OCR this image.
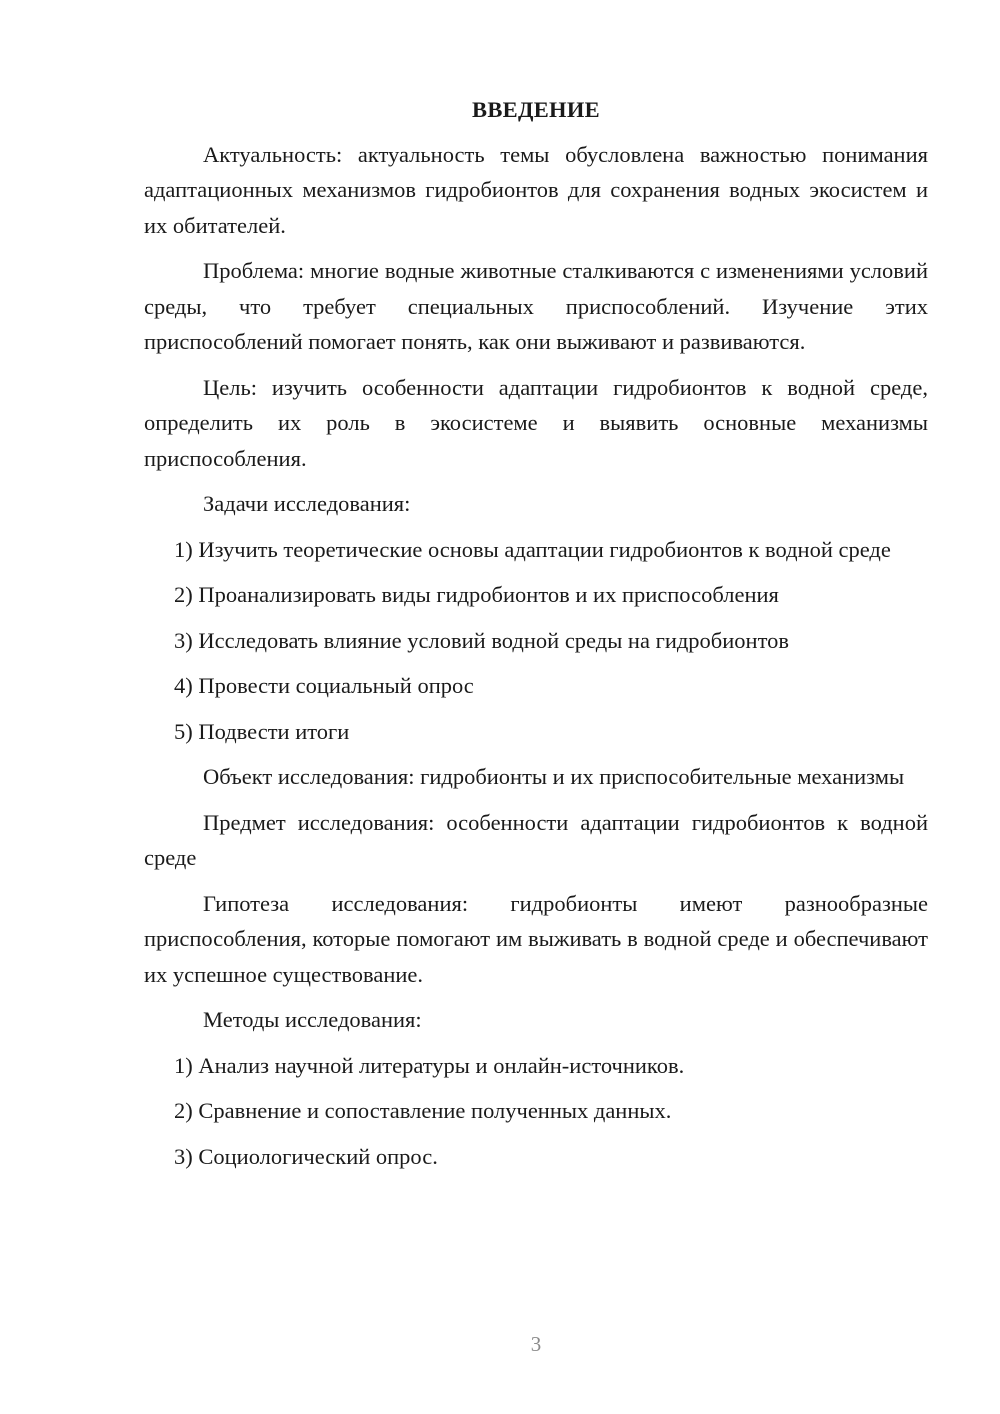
ВВЕДЕНИЕ

Актуальность: актуальность темы обусловлена важностью понимания адаптационных механизмов гидробионтов для сохранения водных экосистем и их обитателей.

Проблема: многие водные животные сталкиваются с изменениями условий среды, что требует специальных приспособлений. Изучение этих приспособлений помогает понять, как они выживают и развиваются.

Цель: изучить особенности адаптации гидробионтов к водной среде, определить их роль в экосистеме и выявить основные механизмы приспособления.

Задачи исследования:

1) Изучить теоретические основы адаптации гидробионтов к водной среде

2) Проанализировать виды гидробионтов и их приспособления

3) Исследовать влияние условий водной среды на гидробионтов

4) Провести социальный опрос

5) Подвести итоги

Объект исследования: гидробионты и их приспособительные механизмы

Предмет исследования: особенности адаптации гидробионтов к водной среде

Гипотеза исследования: гидробионты имеют разнообразные приспособления, которые помогают им выживать в водной среде и обеспечивают их успешное существование.

Методы исследования:

1) Анализ научной литературы и онлайн-источников.

2) Сравнение и сопоставление полученных данных.

3) Социологический опрос.

3
